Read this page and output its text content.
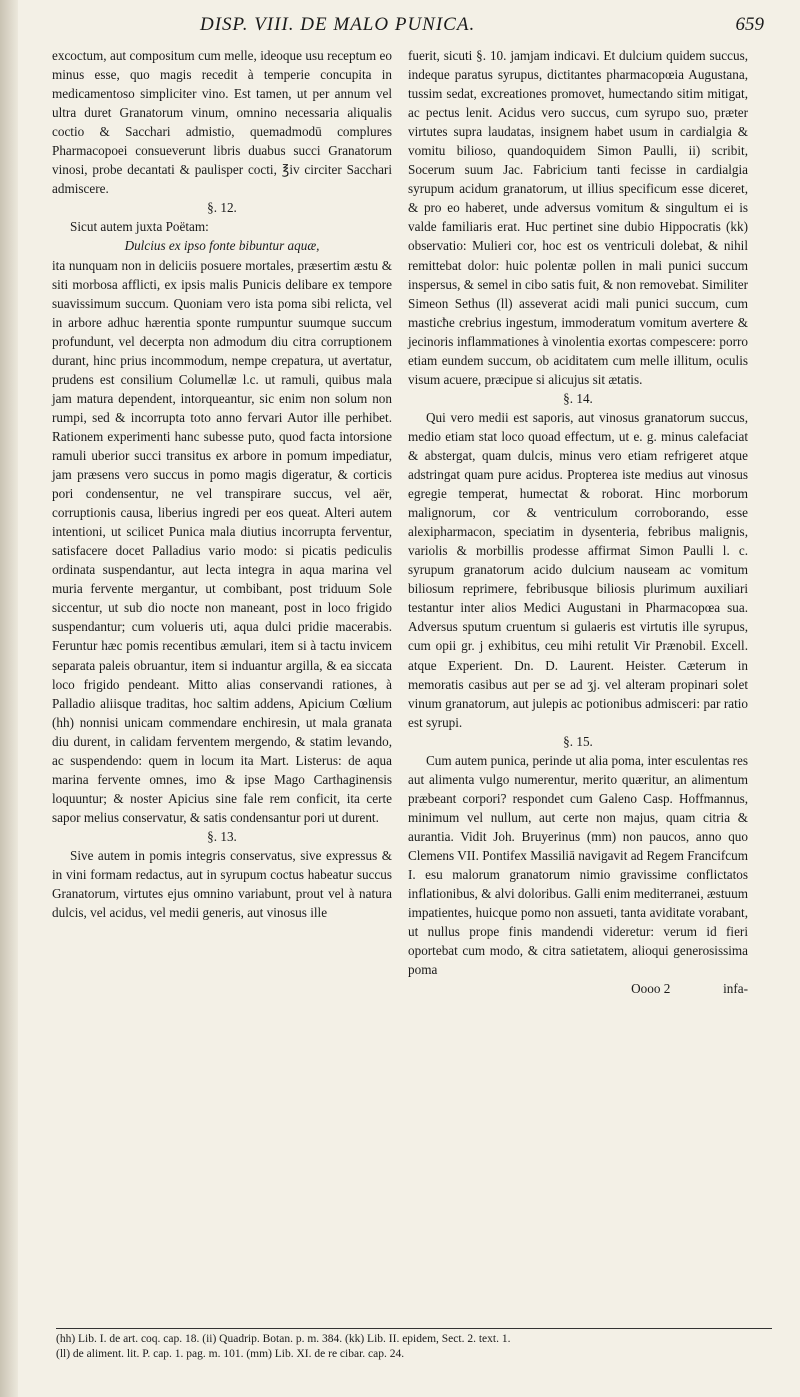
DISP. VIII. DE MALO PUNICA.	659

excoctum, aut compositum cum melle, ideoque usu receptum eo minus esse, quo magis recedit à temperie concupita in medicamentoso simpliciter vino. Est tamen, ut per annum vel ultra duret Granatorum vinum, omnino necessaria aliqualis coctio & Sacchari admistio, quemadmodū complures Pharmacopoei consueverunt libris duabus succi Granatorum vinosi, probe decantati & paulisper cocti, ℥iv circiter Sacchari admiscere.

§. 12.

Sicut autem juxta Poëtam:

Dulcius ex ipso fonte bibuntur aquæ,

ita nunquam non in deliciis posuere mortales, præsertim æstu & siti morbosa afflicti, ex ipsis malis Punicis delibare ex tempore suavissimum succum. Quoniam vero ista poma sibi relicta, vel in arbore adhuc hærentia sponte rumpuntur suumque succum profundunt, vel decerpta non admodum diu citra corruptionem durant, hinc prius incommodum, nempe crepatura, ut avertatur, prudens est consilium Columellæ l.c. ut ramuli, quibus mala jam matura dependent, intorqueantur, sic enim non solum non rumpi, sed & incorrupta toto anno fervari Autor ille perhibet. Rationem experimenti hanc subesse puto, quod facta intorsione ramuli uberior succi transitus ex arbore in pomum impediatur, jam præsens vero succus in pomo magis digeratur, & corticis pori condensentur, ne vel transpirare succus, vel aër, corruptionis causa, liberius ingredi per eos queat. Alteri autem intentioni, ut scilicet Punica mala diutius incorrupta ferventur, satisfacere docet Palladius vario modo: si picatis pediculis ordinata suspendantur, aut lecta integra in aqua marina vel muria fervente mergantur, ut combibant, post triduum Sole siccentur, ut sub dio nocte non maneant, post in loco frigido suspendantur; cum volueris uti, aqua dulci pridie macerabis. Feruntur hæc pomis recentibus æmulari, item si à tactu invicem separata paleis obruantur, item si induantur argilla, & ea siccata loco frigido pendeant. Mitto alias conservandi rationes, à Palladio aliisque traditas, hoc saltim addens, Apicium Cœlium (hh) nonnisi unicam commendare enchiresin, ut mala granata diu durent, in calidam ferventem mergendo, & statim levando, ac suspendendo: quem in locum ita Mart. Listerus: de aqua marina fervente omnes, imo & ipse Mago Carthaginensis loquuntur; & noster Apicius sine fale rem conficit, ita certe sapor melius conservatur, & satis condensantur pori ut durent.

§. 13.

Sive autem in pomis integris conservatus, sive expressus & in vini formam redactus, aut in syrupum coctus habeatur succus Granatorum, virtutes ejus omnino variabunt, prout vel à natura dulcis, vel acidus, vel medii generis, aut vinosus ille

fuerit, sicuti §. 10. jamjam indicavi. Et dulcium quidem succus, indeque paratus syrupus, dictitantes pharmacopœia Augustana, tussim sedat, excreationes promovet, humectando sitim mitigat, ac pectus lenit. Acidus vero succus, cum syrupo suo, præter virtutes supra laudatas, insignem habet usum in cardialgia & vomitu bilioso, quandoquidem Simon Paulli, ii) scribit, Socerum suum Jac. Fabricium tanti fecisse in cardialgia syrupum acidum granatorum, ut illius specificum esse diceret, & pro eo haberet, unde adversus vomitum & singultum ei is valde familiaris erat. Huc pertinet sine dubio Hippocratis (kk) observatio: Mulieri cor, hoc est os ventriculi dolebat, & nihil remittebat dolor: huic polentæ pollen in mali punici succum inspersus, & semel in cibo satis fuit, & non removebat. Similiter Simeon Sethus (ll) asseverat acidi mali punici succum, cum masticħe crebrius ingestum, immoderatum vomitum avertere & jecinoris inflammationes à vinolentia exortas compescere: porro etiam eundem succum, ob aciditatem cum melle illitum, oculis visum acuere, præcipue si alicujus sit ætatis.

§. 14.

Qui vero medii est saporis, aut vinosus granatorum succus, medio etiam stat loco quoad effectum, ut e. g. minus calefaciat & abstergat, quam dulcis, minus vero etiam refrigeret atque adstringat quam pure acidus. Propterea iste medius aut vinosus egregie temperat, humectat & roborat. Hinc morborum malignorum, cor & ventriculum corroborando, esse alexipharmacon, speciatim in dysenteria, febribus malignis, variolis & morbillis prodesse affirmat Simon Paulli l. c. syrupum granatorum acido dulcium nauseam ac vomitum biliosum reprimere, febribusque biliosis plurimum auxiliari testantur inter alios Medici Augustani in Pharmacopœa sua. Adversus sputum cruentum si gulaeris est virtutis ille syrupus, cum opii gr. j exhibitus, ceu mihi retulit Vir Prænobil. Excell. atque Experient. Dn. D. Laurent. Heister. Cæterum in memoratis casibus aut per se ad ʒj. vel alteram propinari solet vinum granatorum, aut julepis ac potionibus admisceri: par ratio est syrupi.

§. 15.

Cum autem punica, perinde ut alia poma, inter esculentas res aut alimenta vulgo numerentur, merito quæritur, an alimentum præbeant corpori? respondet cum Galeno Casp. Hoffmannus, minimum vel nullum, aut certe non majus, quam citria & aurantia. Vidit Joh. Bruyerinus (mm) non paucos, anno quo Clemens VII. Pontifex Massiliā navigavit ad Regem Francifcum I. esu malorum granatorum nimio gravissime conflictatos inflationibus, & alvi doloribus. Galli enim mediterranei, æstuum impatientes, huicque pomo non assueti, tanta aviditate vorabant, ut nullus prope finis mandendi videretur: verum id fieri oportebat cum modo, & citra satietatem, alioqui generosissima poma

Oooo 2                infa-

(hh) Lib. I. de art. coq. cap. 18. (ii) Quadrip. Botan. p. m. 384. (kk) Lib. II. epidem, Sect. 2. text. 1.
(ll) de aliment. lit. P. cap. 1. pag. m. 101. (mm) Lib. XI. de re cibar. cap. 24.
